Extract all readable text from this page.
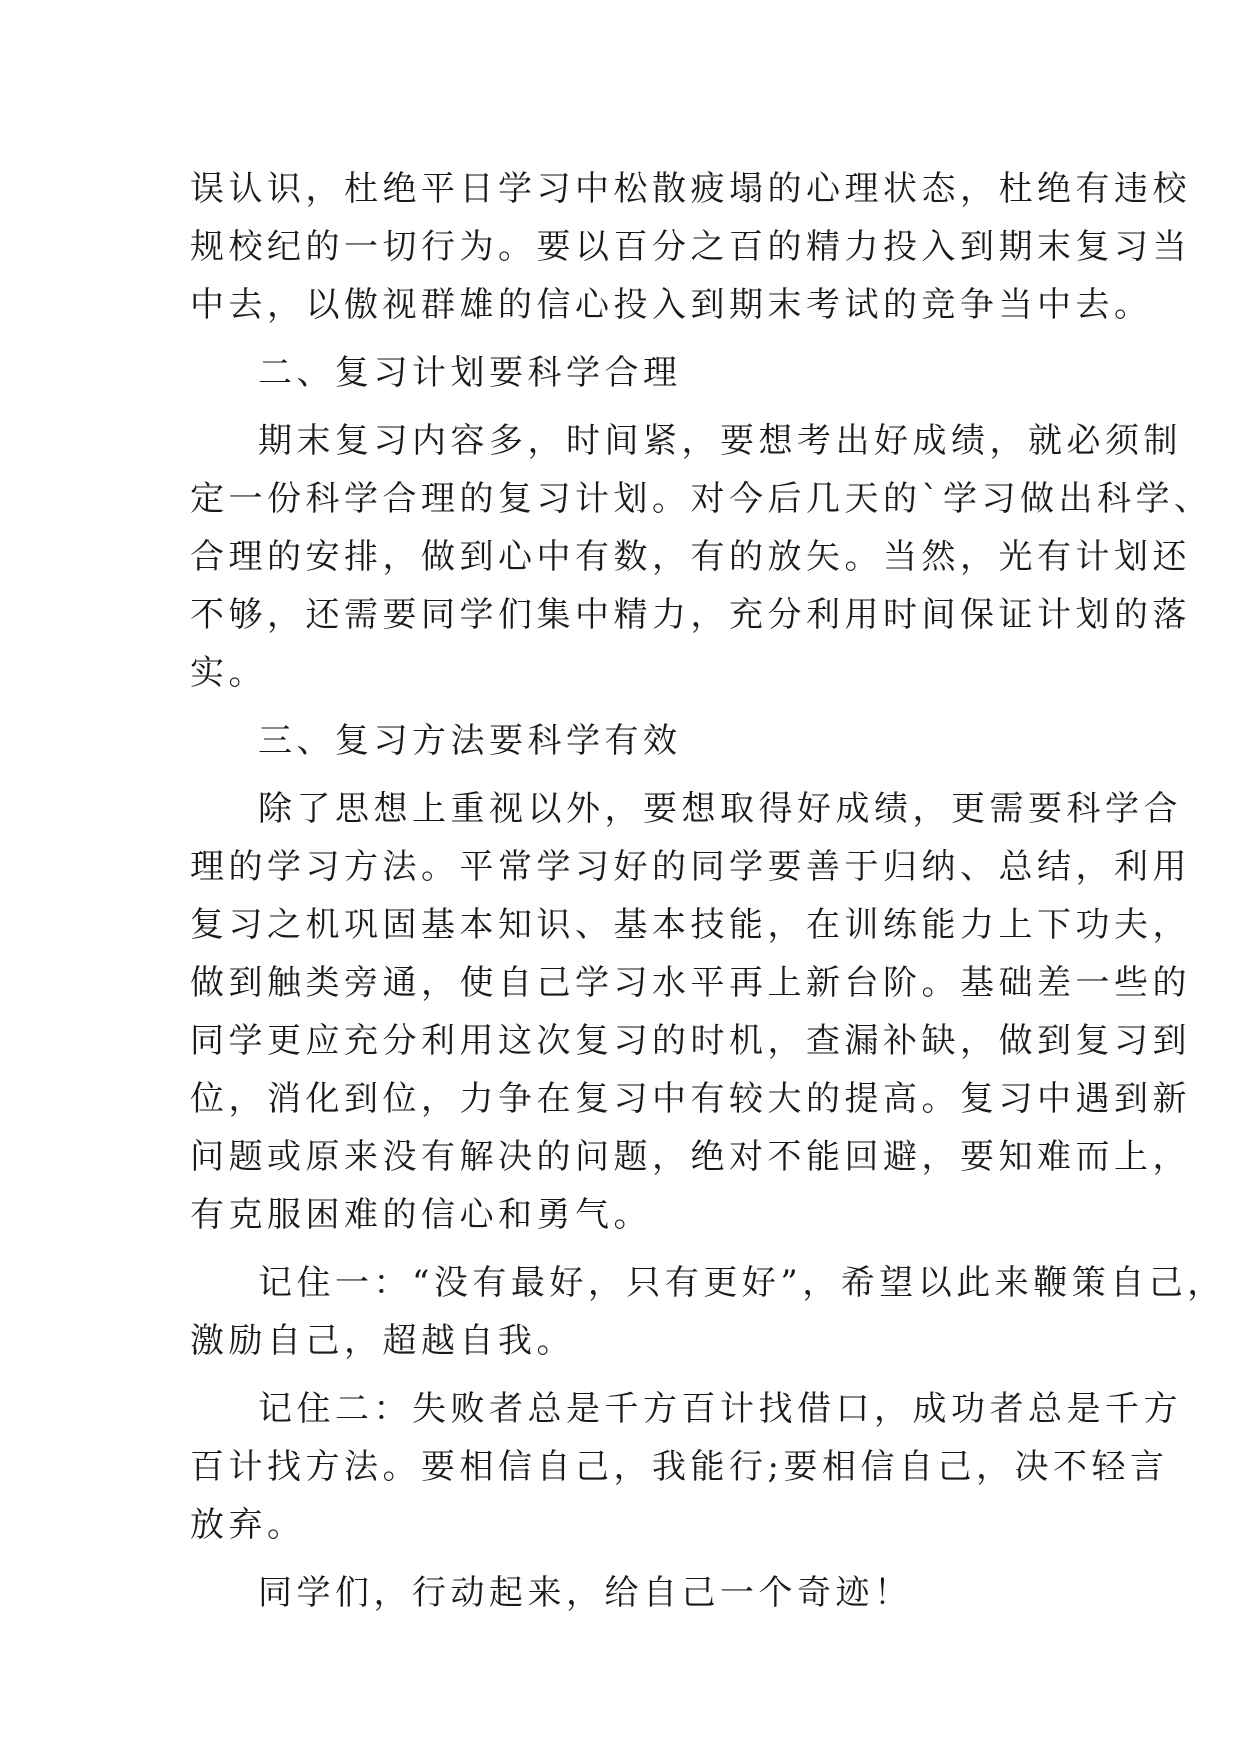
误认识，杜绝平日学习中松散疲塌的心理状态，杜绝有违校
规校纪的一切行为。要以百分之百的精力投入到期末复习当
中去，以傲视群雄的信心投入到期末考试的竞争当中去。
二、复习计划要科学合理
期末复习内容多，时间紧，要想考出好成绩，就必须制
定一份科学合理的复习计划。对今后几天的`学习做出科学、
合理的安排，做到心中有数，有的放矢。当然，光有计划还
不够，还需要同学们集中精力，充分利用时间保证计划的落
实。
三、复习方法要科学有效
除了思想上重视以外，要想取得好成绩，更需要科学合
理的学习方法。平常学习好的同学要善于归纳、总结，利用
复习之机巩固基本知识、基本技能，在训练能力上下功夫，
做到触类旁通，使自己学习水平再上新台阶。基础差一些的
同学更应充分利用这次复习的时机，查漏补缺，做到复习到
位，消化到位，力争在复习中有较大的提高。复习中遇到新
问题或原来没有解决的问题，绝对不能回避，要知难而上，
有克服困难的信心和勇气。
记住一：“没有最好，只有更好”，希望以此来鞭策自己，
激励自己，超越自我。
记住二：失败者总是千方百计找借口，成功者总是千方
百计找方法。要相信自己，我能行;要相信自己，决不轻言
放弃。
同学们，行动起来，给自己一个奇迹！
